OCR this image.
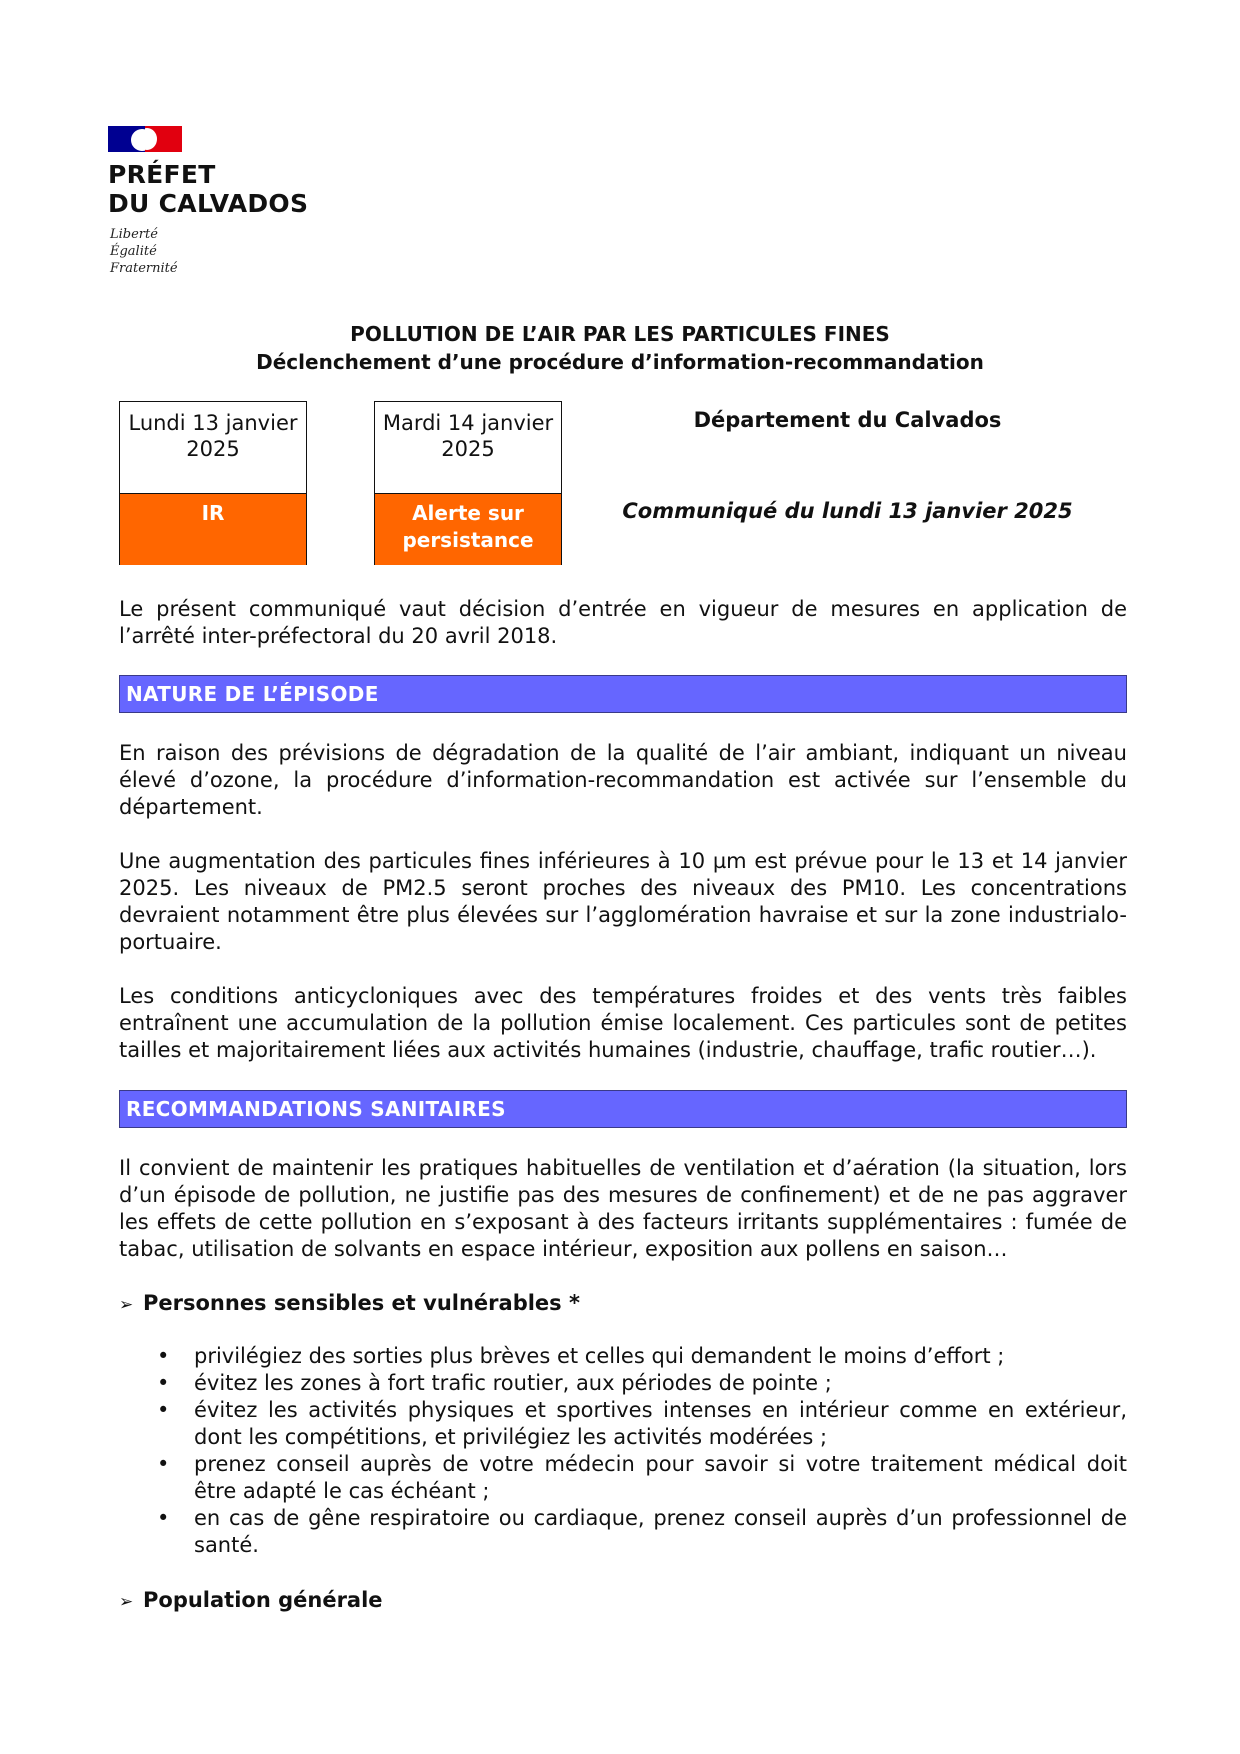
PRÉFET
DU CALVADOS
Liberté
Égalité
Fraternité
POLLUTION DE L’AIR PAR LES PARTICULES FINES
Déclenchement d’une procédure d’information-recommandation
Lundi 13 janvier
2025
IR
Mardi 14 janvier
2025
Alerte sur
persistance
Département du Calvados
Communiqué du lundi 13 janvier 2025
Le présent communiqué vaut décision d’entrée en vigueur de mesures en application de l’arrêté inter-préfectoral du 20 avril 2018.
NATURE DE L’ÉPISODE
En raison des prévisions de dégradation de la qualité de l’air ambiant, indiquant un niveau élevé d’ozone, la procédure d’information-recommandation est activée sur l’ensemble du département.
Une augmentation des particules fines inférieures à 10 µm est prévue pour le 13 et 14 janvier 2025. Les niveaux de PM2.5 seront proches des niveaux des PM10. Les concentrations devraient notamment être plus élevées sur l’agglomération havraise et sur la zone industrialo-portuaire.
Les conditions anticycloniques avec des températures froides et des vents très faibles entraînent une accumulation de la pollution émise localement. Ces particules sont de petites tailles et majoritairement liées aux activités humaines (industrie, chauffage, trafic routier…).
RECOMMANDATIONS SANITAIRES
Il convient de maintenir les pratiques habituelles de ventilation et d’aération (la situation, lors d’un épisode de pollution, ne justifie pas des mesures de confinement) et de ne pas aggraver les effets de cette pollution en s’exposant à des facteurs irritants supplémentaires : fumée de tabac, utilisation de solvants en espace intérieur, exposition aux pollens en saison…
➢ Personnes sensibles et vulnérables *
• privilégiez des sorties plus brèves et celles qui demandent le moins d’effort ;
• évitez les zones à fort trafic routier, aux périodes de pointe ;
• évitez les activités physiques et sportives intenses en intérieur comme en extérieur, dont les compétitions, et privilégiez les activités modérées ;
• prenez conseil auprès de votre médecin pour savoir si votre traitement médical doit être adapté le cas échéant ;
• en cas de gêne respiratoire ou cardiaque, prenez conseil auprès d’un professionnel de santé.
➢ Population générale
